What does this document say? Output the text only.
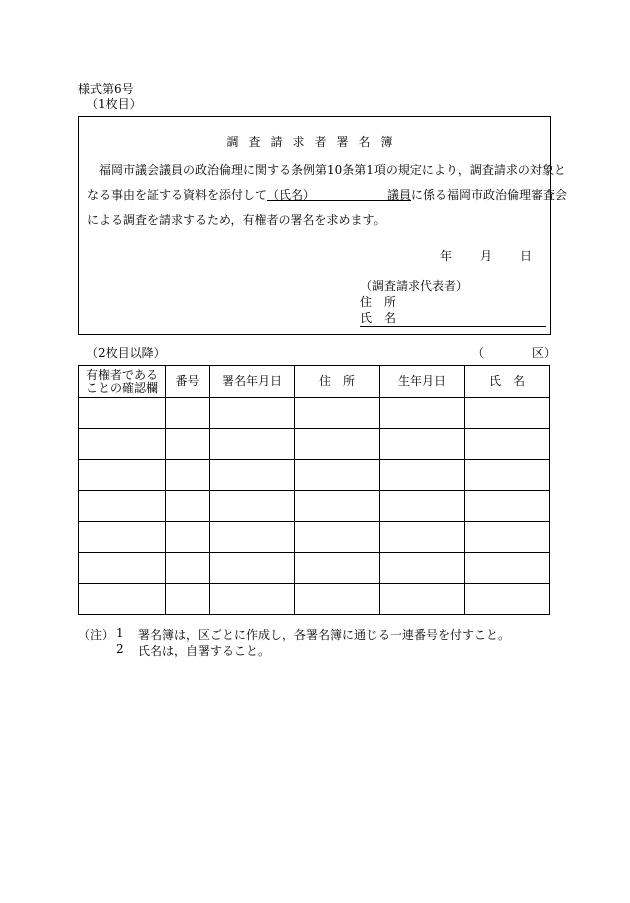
様式第6号
（1枚目）
調査請求者署名簿
福岡市議会議員の政治倫理に関する条例第10条第1項の規定により，調査請求の対象と
なる事由を証する資料を添付して（氏名）	議員に係る福岡市政治倫理審査会
による調査を請求するため，有権者の署名を求めます。
年 月 日
（調査請求代表者）
住 所
氏 名
（2枚目以降）	（	区）
有権者である
ことの確認欄	番号	署名年月日	住　所	生年月日	氏　名

（注） 1	署名簿は，区ごとに作成し，各署名簿に通じる一連番号を付すこと。
2	氏名は，自署すること。
